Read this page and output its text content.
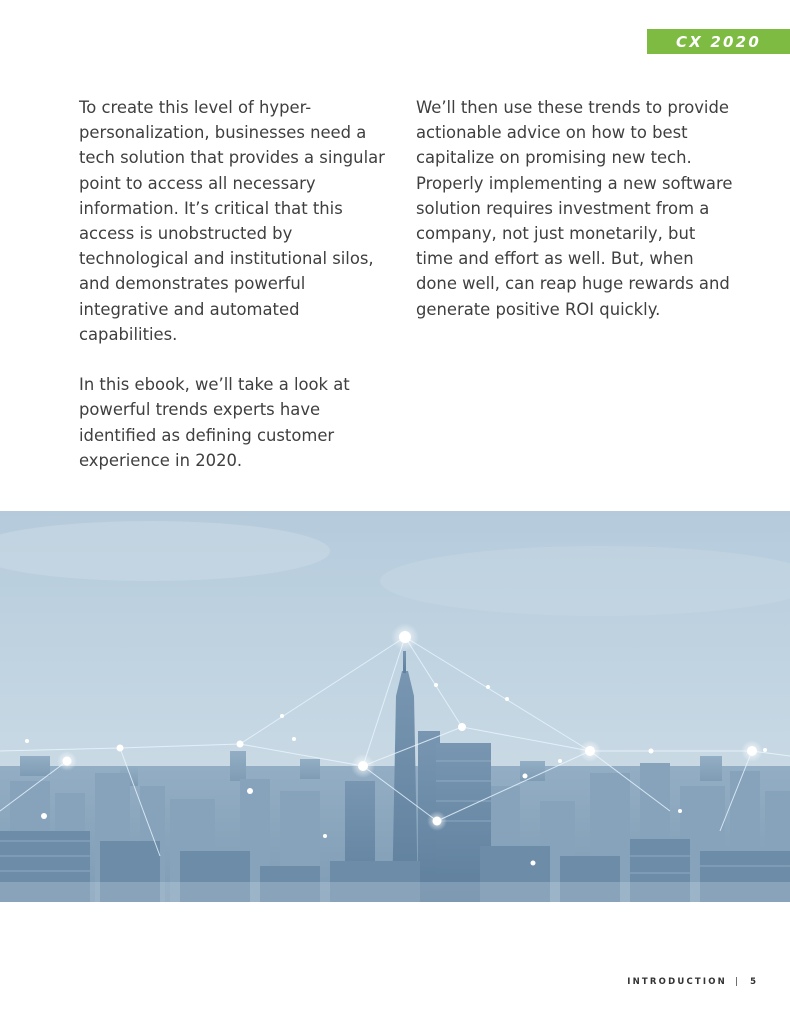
CX 2020

To create this level of hyper-personalization, businesses need a tech solution that provides a singular point to access all necessary information. It’s critical that this access is unobstructed by technological and institutional silos, and demonstrates powerful integrative and automated capabilities.

In this ebook, we’ll take a look at powerful trends experts have identified as defining customer experience in 2020.

We’ll then use these trends to provide actionable advice on how to best capitalize on promising new tech. Properly implementing a new software solution requires investment from a company, not just monetarily, but time and effort as well. But, when done well, can reap huge rewards and generate positive ROI quickly.

INTRODUCTION | 5
